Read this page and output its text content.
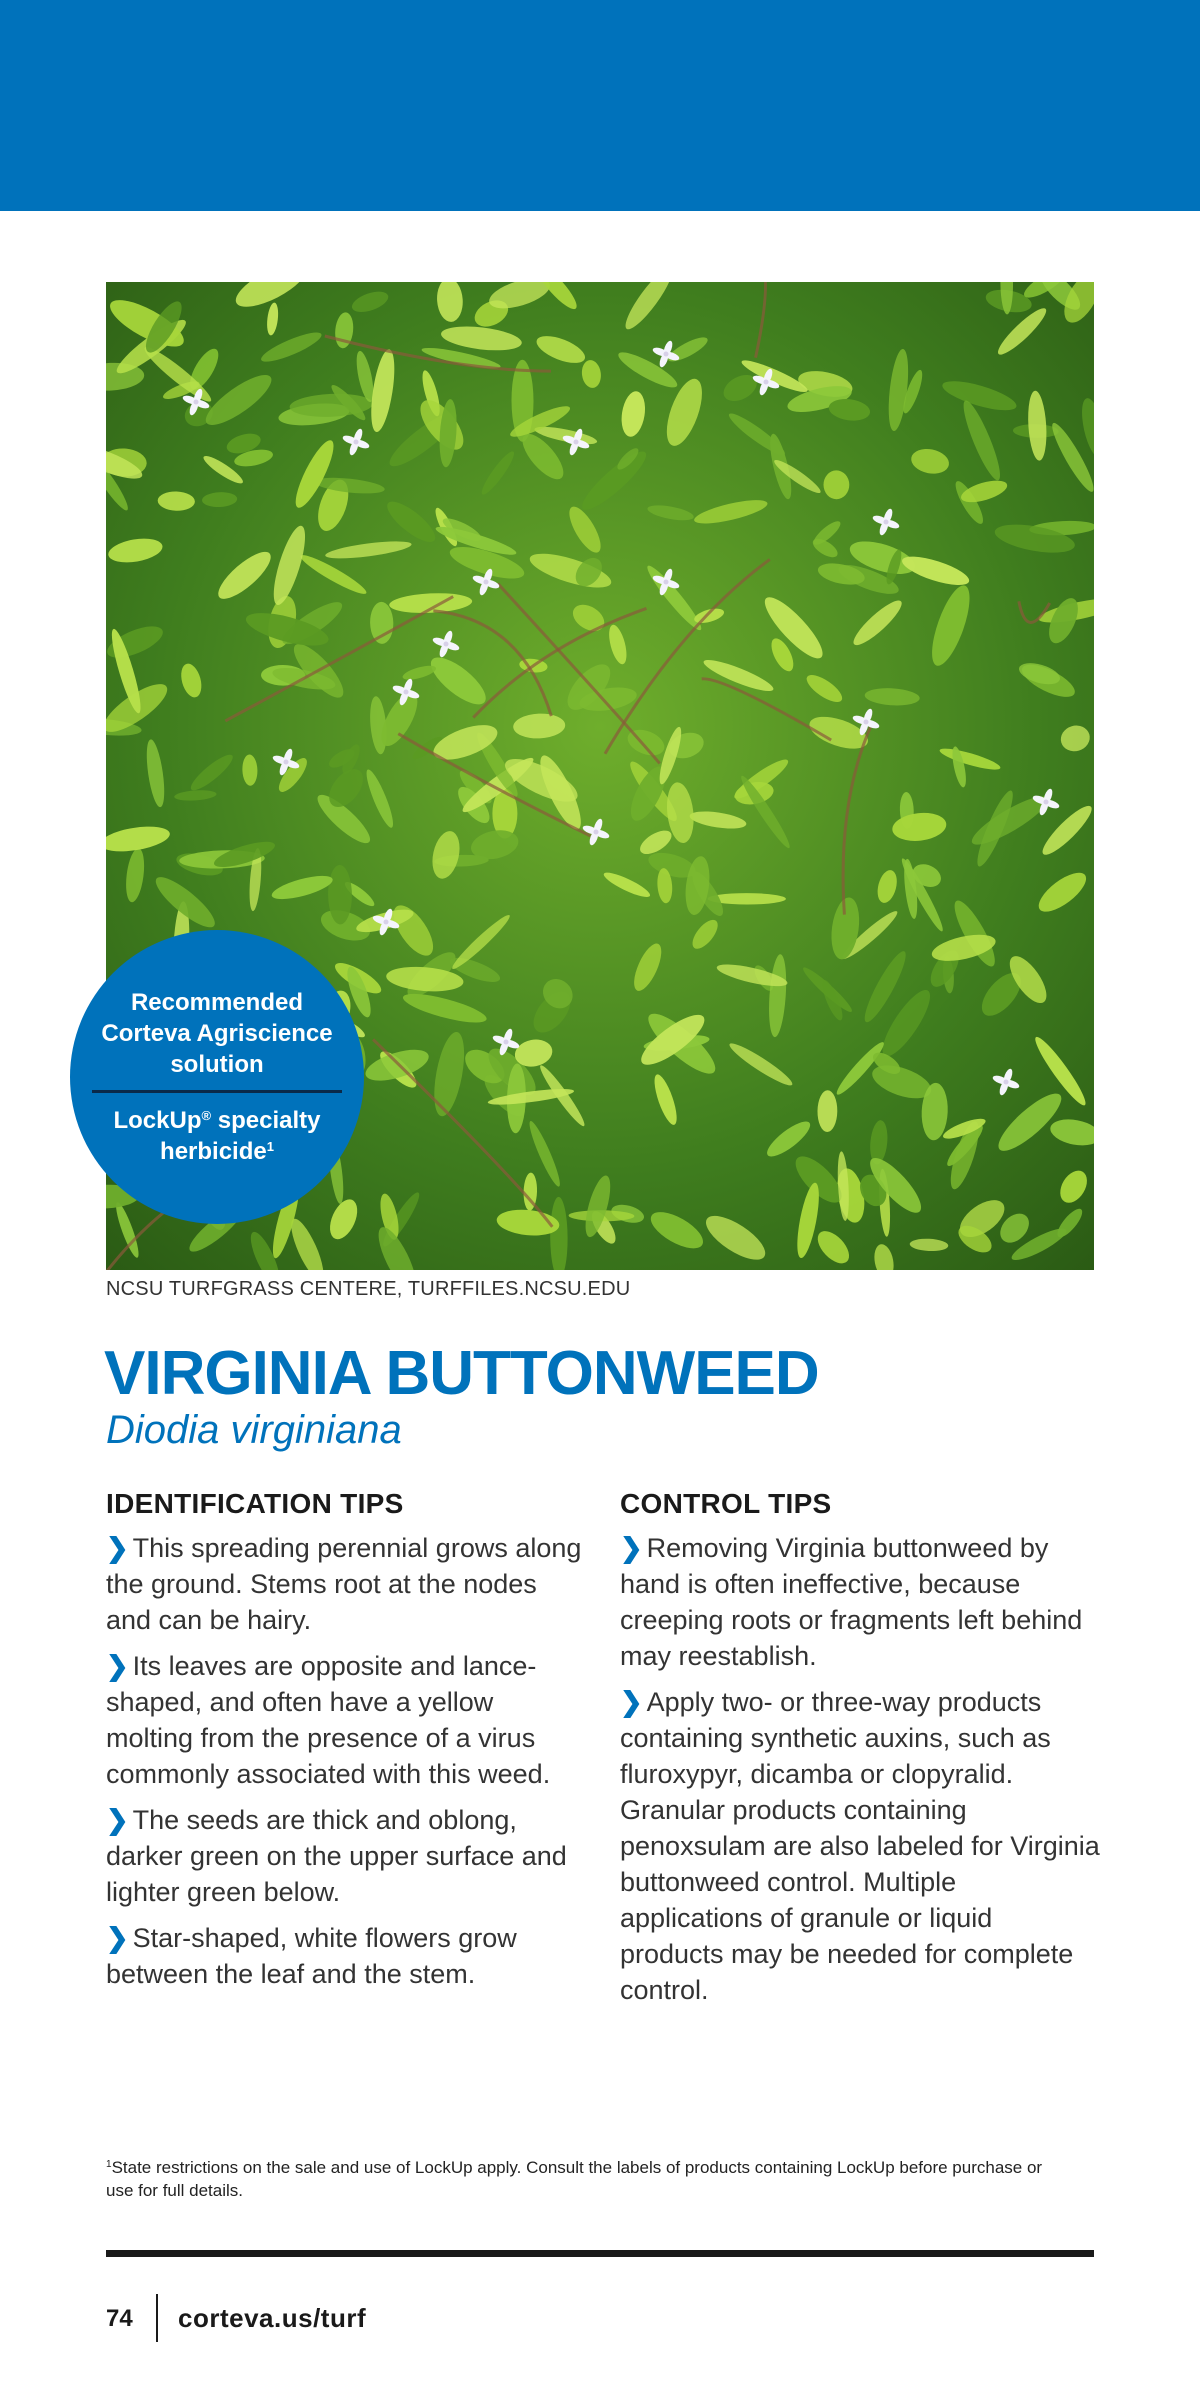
Recommended Corteva Agriscience solution
LockUp® specialty herbicide$^1$
NCSU TURFGRASS CENTERE, TURFFILES.NCSU.EDU
VIRGINIA BUTTONWEED
Diodia virginiana
IDENTIFICATION TIPS

❯ This spreading perennial grows along the ground. Stems root at the nodes and can be hairy.

❯ Its leaves are opposite and lance-shaped, and often have a yellow molting from the presence of a virus commonly associated with this weed.

❯ The seeds are thick and oblong, darker green on the upper surface and lighter green below.

❯ Star-shaped, white flowers grow between the leaf and the stem.

CONTROL TIPS

❯ Removing Virginia buttonweed by hand is often ineffective, because creeping roots or fragments left behind may reestablish.

❯ Apply two- or three-way products containing synthetic auxins, such as fluroxypyr, dicamba or clopyralid. Granular products containing penoxsulam are also labeled for Virginia buttonweed control. Multiple applications of granule or liquid products may be needed for complete control.

$^1$State restrictions on the sale and use of LockUp apply. Consult the labels of products containing LockUp before purchase or use for full details.
74 corteva.us/turf
